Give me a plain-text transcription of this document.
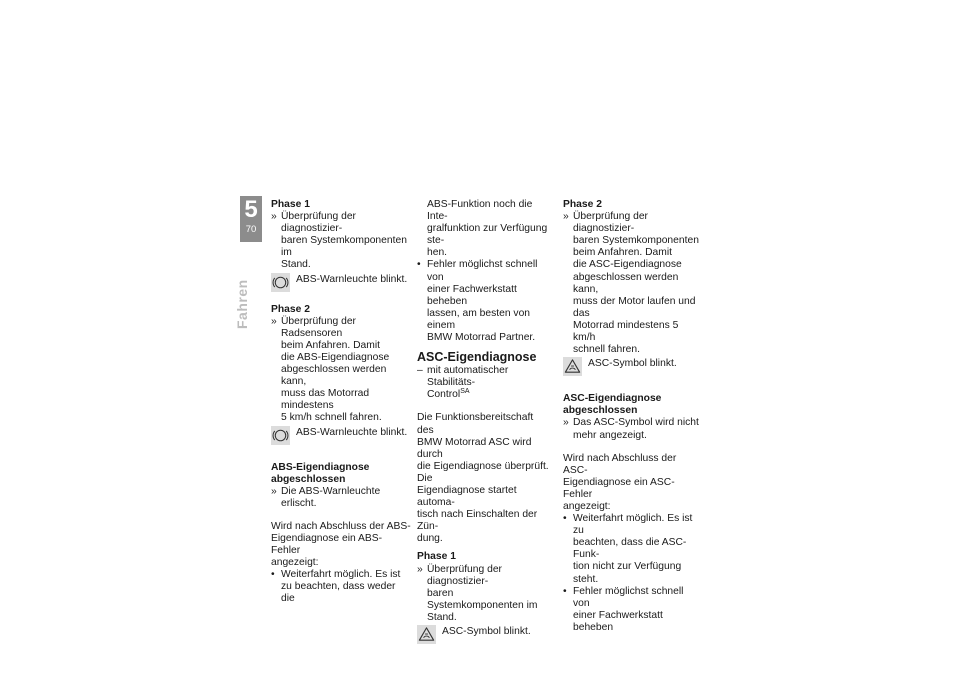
5
70
Fahren

Phase 1

» Überprüfung der diagnostizier-
baren Systemkomponenten im
Stand.
ABS-Warnleuchte blinkt.

Phase 2

» Überprüfung der Radsensoren
beim Anfahren. Damit
die ABS-Eigendiagnose
abgeschlossen werden kann,
muss das Motorrad mindestens
5 km/h schnell fahren.
ABS-Warnleuchte blinkt.

ABS-Eigendiagnose
abgeschlossen

» Die ABS-Warnleuchte erlischt.
Wird nach Abschluss der ABS-
Eigendiagnose ein ABS-Fehler
angezeigt:
• Weiterfahrt möglich. Es ist
zu beachten, dass weder die
ABS-Funktion noch die Inte-
gralfunktion zur Verfügung ste-
hen.
• Fehler möglichst schnell von
einer Fachwerkstatt beheben
lassen, am besten von einem
BMW Motorrad Partner.

ASC-Eigendiagnose

– mit automatischer Stabilitäts-
Control$^{SA}$
Die Funktionsbereitschaft des
BMW Motorrad ASC wird durch
die Eigendiagnose überprüft. Die
Eigendiagnose startet automa-
tisch nach Einschalten der Zün-
dung.

Phase 1

» Überprüfung der diagnostizier-
baren Systemkomponenten im
Stand.
ASC-Symbol blinkt.

Phase 2

» Überprüfung der diagnostizier-
baren Systemkomponenten
beim Anfahren. Damit
die ASC-Eigendiagnose
abgeschlossen werden kann,
muss der Motor laufen und das
Motorrad mindestens 5 km/h
schnell fahren.
ASC-Symbol blinkt.

ASC-Eigendiagnose
abgeschlossen

» Das ASC-Symbol wird nicht
mehr angezeigt.
Wird nach Abschluss der ASC-
Eigendiagnose ein ASC-Fehler
angezeigt:
• Weiterfahrt möglich. Es ist zu
beachten, dass die ASC-Funk-
tion nicht zur Verfügung steht.
• Fehler möglichst schnell von
einer Fachwerkstatt beheben
